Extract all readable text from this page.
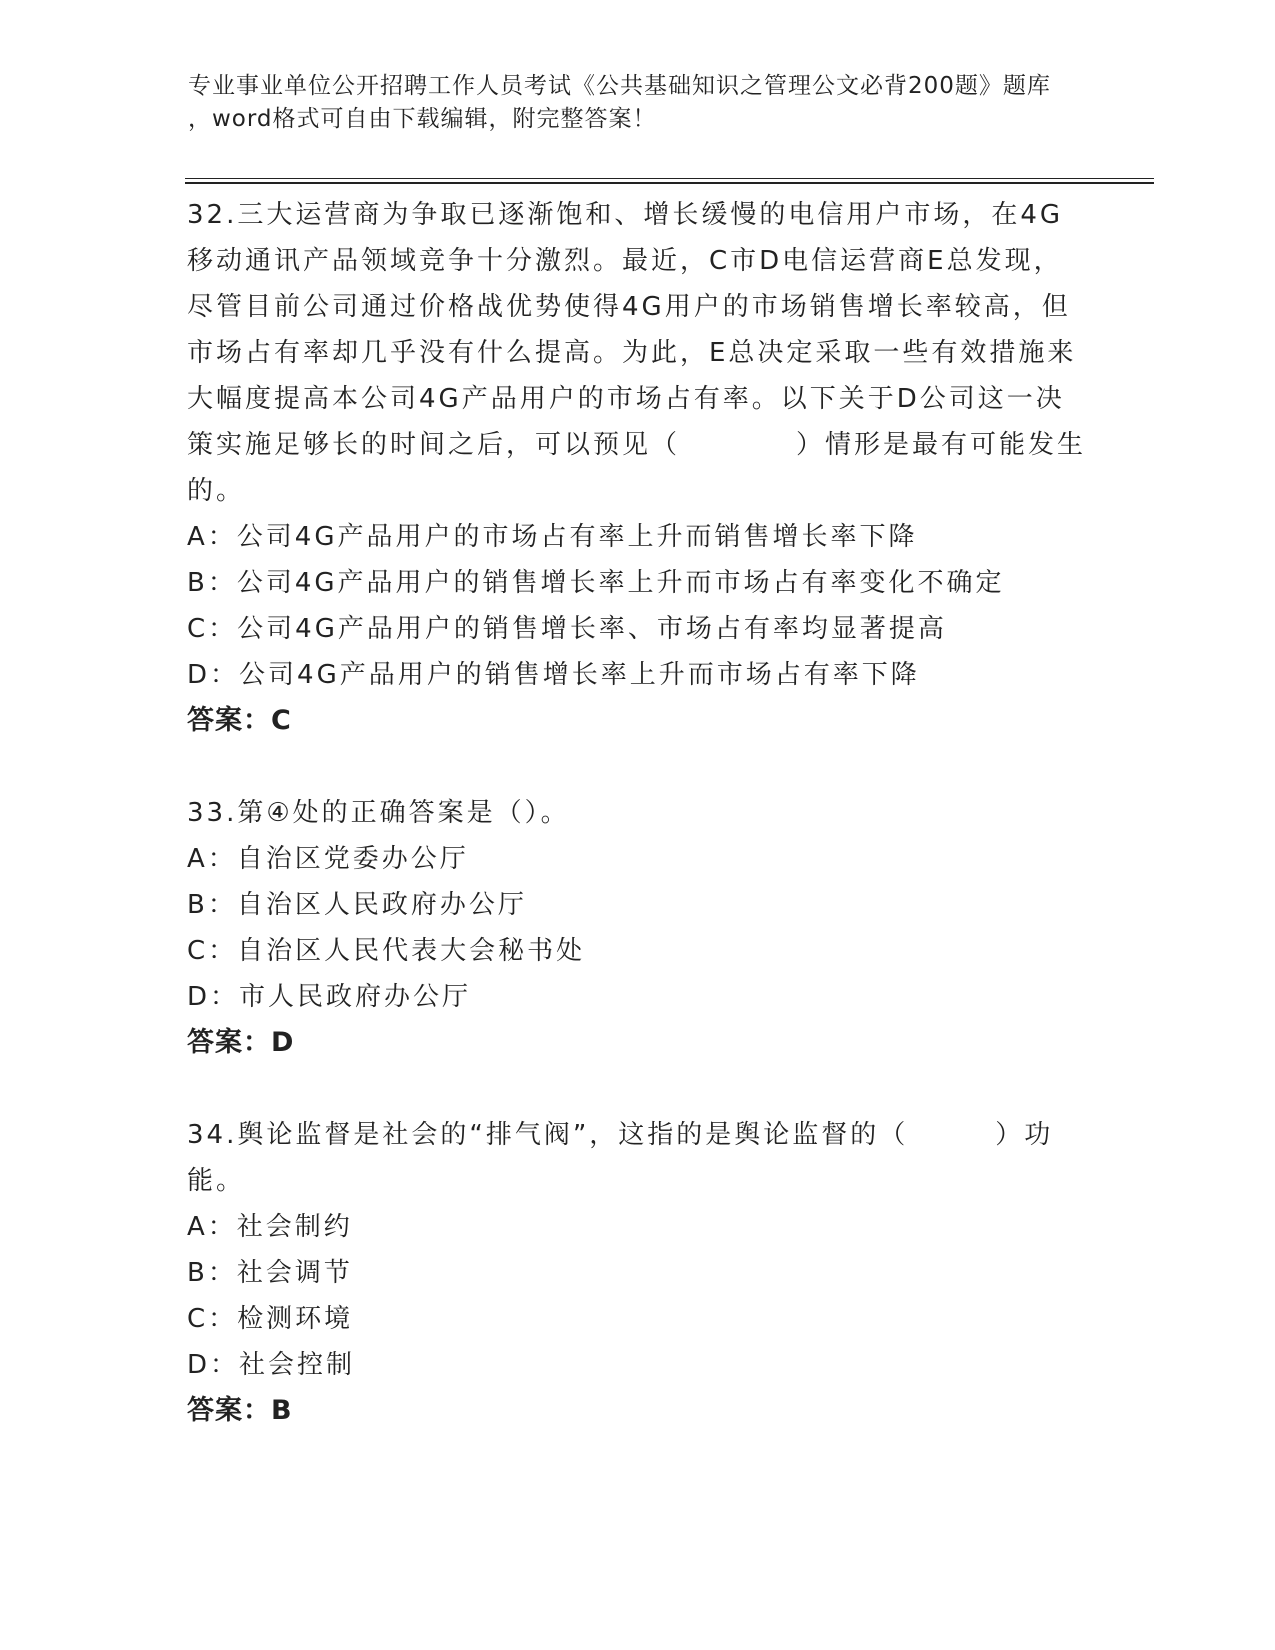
专业事业单位公开招聘工作人员考试《公共基础知识之管理公文必背200题》题库
，word格式可自由下载编辑，附完整答案！

32.三大运营商为争取已逐渐饱和、增长缓慢的电信用户市场，在4G移动通讯产品领域竞争十分激烈。最近，C市D电信运营商E总发现，尽管目前公司通过价格战优势使得4G用户的市场销售增长率较高，但市场占有率却几乎没有什么提高。为此，E总决定采取一些有效措施来大幅度提高本公司4G产品用户的市场占有率。以下关于D公司这一决策实施足够长的时间之后，可以预见（　　　　）情形是最有可能发生的。

A：公司4G产品用户的市场占有率上升而销售增长率下降

B：公司4G产品用户的销售增长率上升而市场占有率变化不确定

C：公司4G产品用户的销售增长率、市场占有率均显著提高

D：公司4G产品用户的销售增长率上升而市场占有率下降

答案：C

33.第④处的正确答案是（）。

A：自治区党委办公厅

B：自治区人民政府办公厅

C：自治区人民代表大会秘书处

D：市人民政府办公厅

答案：D

34.舆论监督是社会的“排气阀”，这指的是舆论监督的（　　　）功能。

A：社会制约

B：社会调节

C：检测环境

D：社会控制

答案：B
